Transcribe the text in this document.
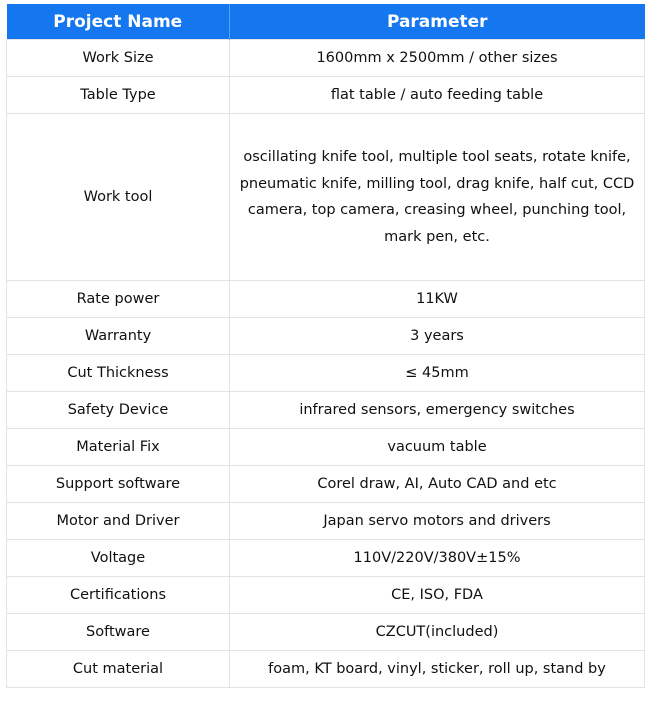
Project Name	Parameter
Work Size	1600mm x 2500mm / other sizes
Table Type	flat table / auto feeding table
Work tool	oscillating knife tool, multiple tool seats, rotate knife, pneumatic knife, milling tool, drag knife, half cut, CCD camera, top camera, creasing wheel, punching tool, mark pen, etc.
Rate power	11KW
Warranty	3 years
Cut Thickness	≤ 45mm
Safety Device	infrared sensors, emergency switches
Material Fix	vacuum table
Support software	Corel draw, AI, Auto CAD and etc
Motor and Driver	Japan servo motors and drivers
Voltage	110V/220V/380V±15%
Certifications	CE, ISO, FDA
Software	CZCUT(included)
Cut material	foam, KT board, vinyl, sticker, roll up, stand by
